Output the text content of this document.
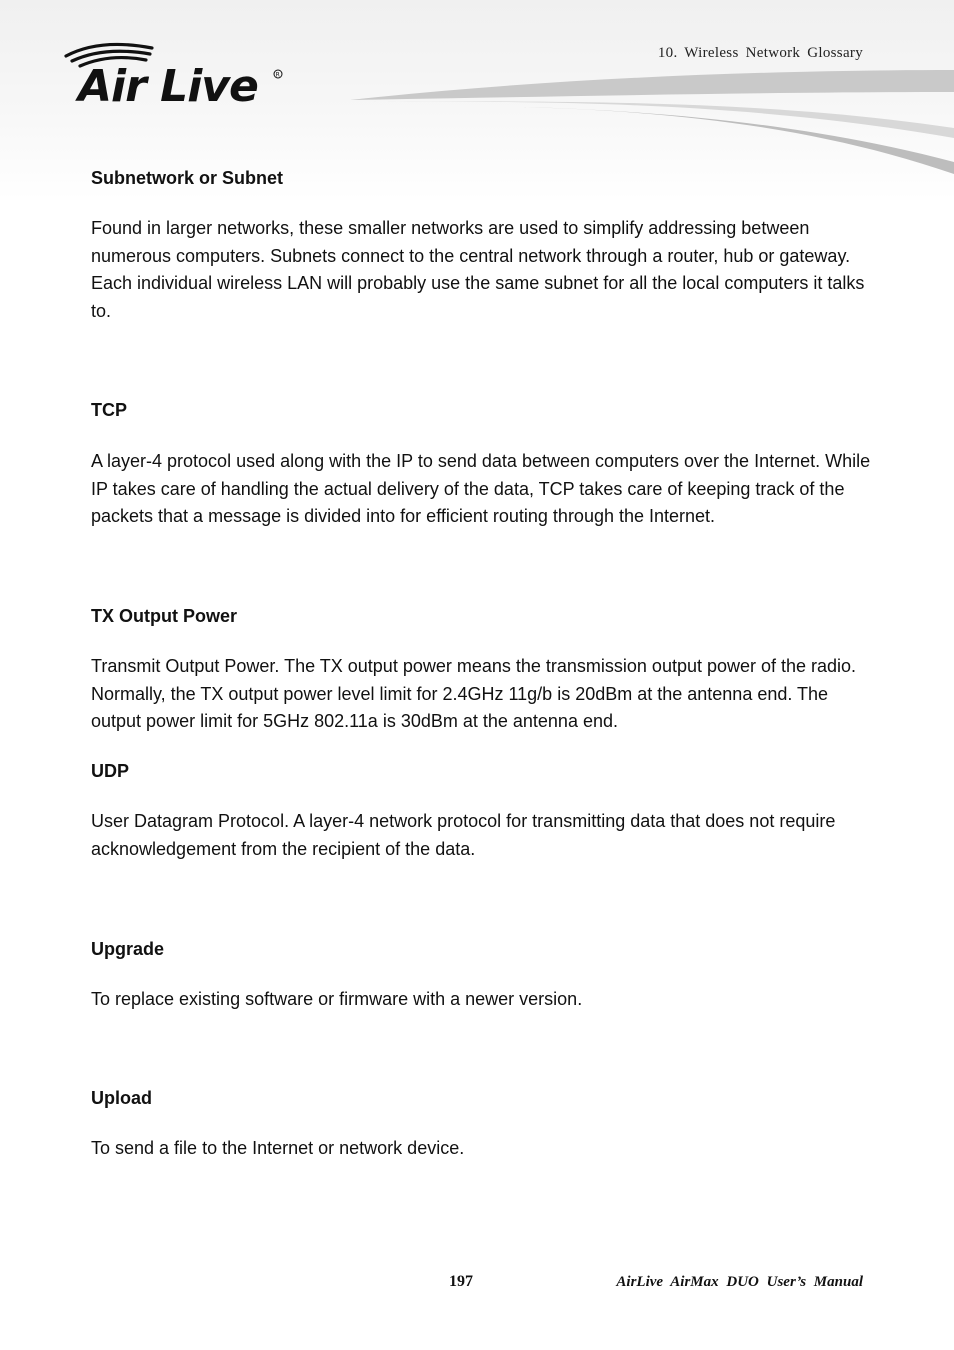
Air Live	R
10. Wireless Network Glossary
Subnetwork or Subnet
Found in larger networks, these smaller networks are used to simplify addressing between numerous computers. Subnets connect to the central network through a router, hub or gateway. Each individual wireless LAN will probably use the same subnet for all the local computers it talks to.
TCP
A layer-4 protocol used along with the IP to send data between computers over the Internet. While IP takes care of handling the actual delivery of the data, TCP takes care of keeping track of the packets that a message is divided into for efficient routing through the Internet.
TX Output Power
Transmit Output Power. The TX output power means the transmission output power of the radio. Normally, the TX output power level limit for 2.4GHz 11g/b is 20dBm at the antenna end. The output power limit for 5GHz 802.11a is 30dBm at the antenna end.
UDP
User Datagram Protocol. A layer-4 network protocol for transmitting data that does not require acknowledgement from the recipient of the data.
Upgrade
To replace existing software or firmware with a newer version.
Upload
To send a file to the Internet or network device.
197	AirLive AirMax DUO User’s Manual
